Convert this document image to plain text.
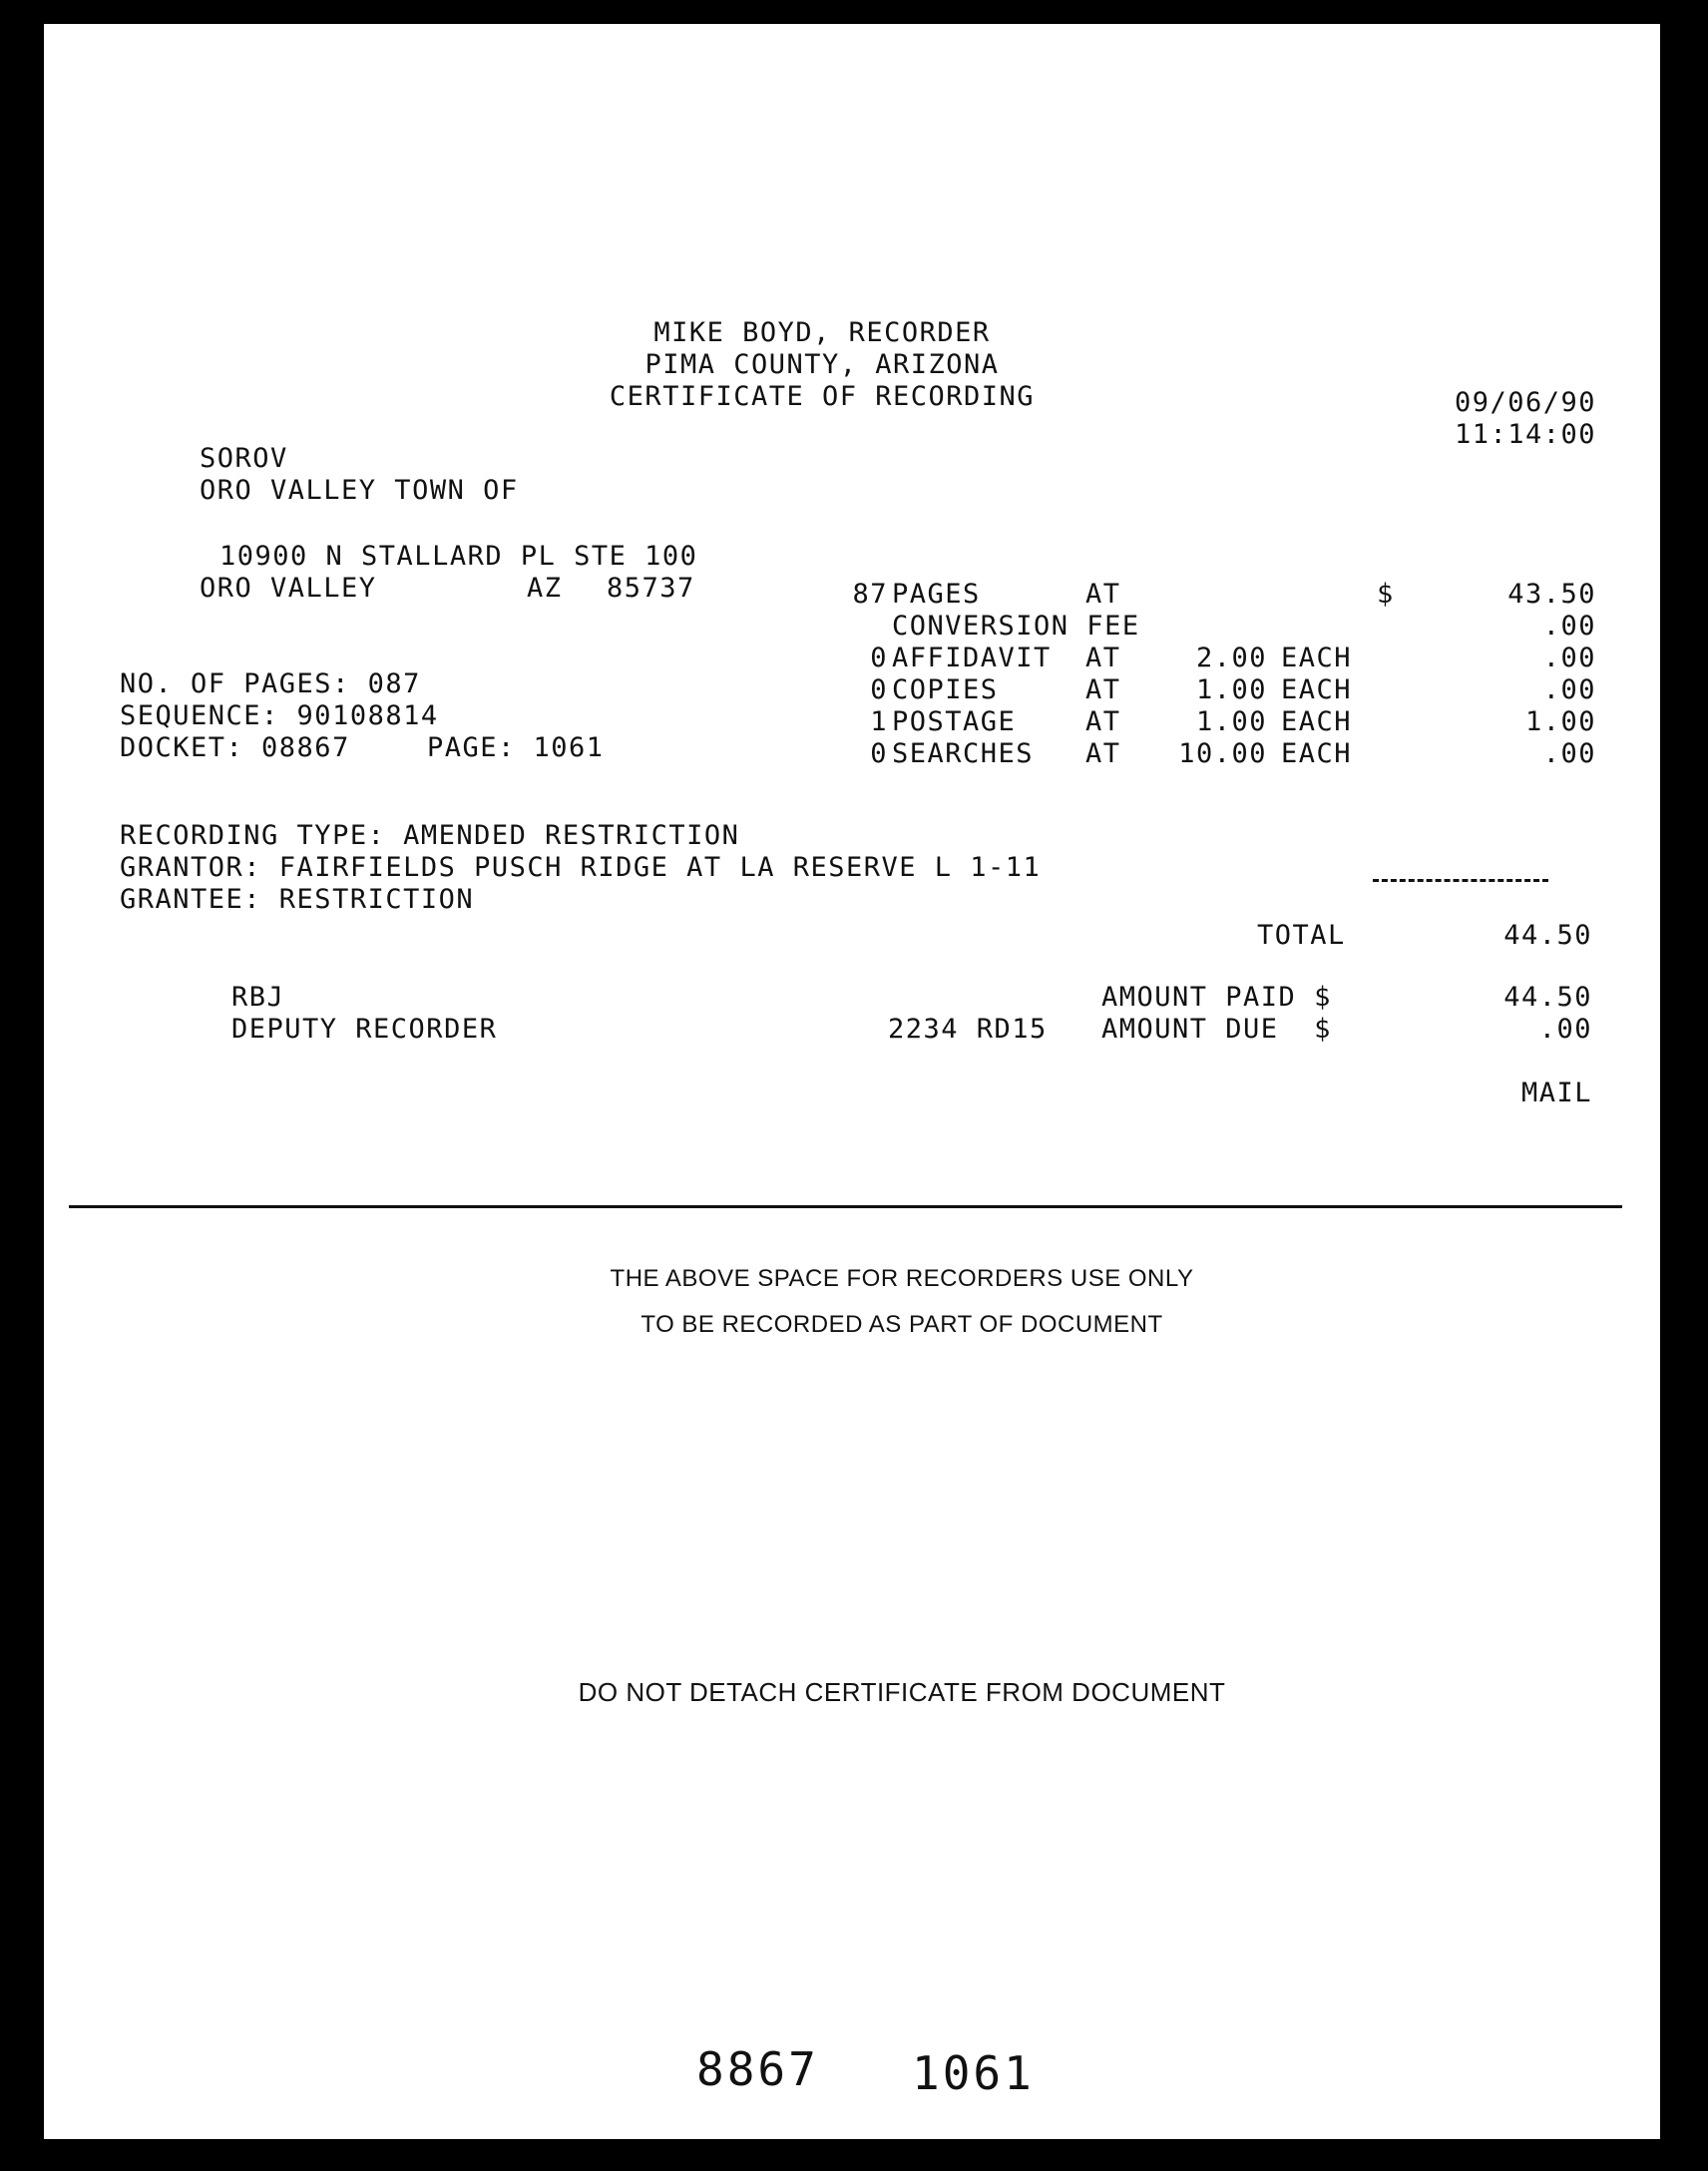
MIKE BOYD, RECORDER
PIMA COUNTY, ARIZONA
CERTIFICATE OF RECORDING	09/06/90
11:14:00
SOROV
ORO VALLEY TOWN OF
10900 N STALLARD PL STE 100
ORO VALLEY	AZ 85737
NO. OF PAGES: 087
SEQUENCE: 90108814
DOCKET: 08867	PAGE: 1061
87 PAGES	AT	$	43.50
CONVERSION FEE	.00
0 AFFIDAVIT AT	2.00 EACH	.00
0 COPIES	AT	1.00 EACH	.00
1 POSTAGE	AT	1.00 EACH	1.00
0 SEARCHES AT	10.00 EACH	.00
RECORDING TYPE: AMENDED RESTRICTION
GRANTOR: FAIRFIELDS PUSCH RIDGE AT LA RESERVE L 1-11
GRANTEE: RESTRICTION
TOTAL	44.50
RBJ
DEPUTY RECORDER	2234 RD15
AMOUNT PAID $	44.50
AMOUNT DUE  $	.00
MAIL
THE ABOVE SPACE FOR RECORDERS USE ONLY
TO BE RECORDED AS PART OF DOCUMENT
DO NOT DETACH CERTIFICATE FROM DOCUMENT
8867 1061
